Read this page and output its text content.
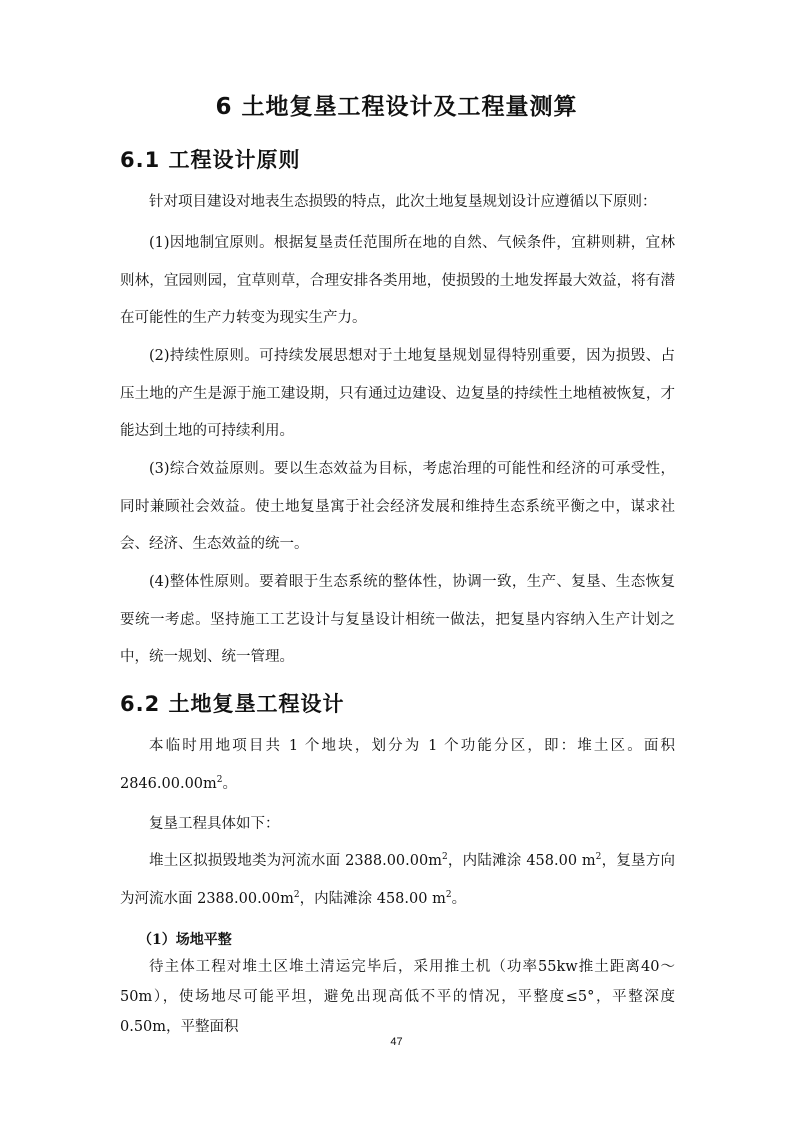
6 土地复垦工程设计及工程量测算
6.1 工程设计原则

针对项目建设对地表生态损毁的特点，此次土地复垦规划设计应遵循以下原则：

(1)因地制宜原则。根据复垦责任范围所在地的自然、气候条件，宜耕则耕，宜林则林，宜园则园，宜草则草，合理安排各类用地，使损毁的土地发挥最大效益，将有潜在可能性的生产力转变为现实生产力。

(2)持续性原则。可持续发展思想对于土地复垦规划显得特别重要，因为损毁、占压土地的产生是源于施工建设期，只有通过边建设、边复垦的持续性土地植被恢复，才能达到土地的可持续利用。

(3)综合效益原则。要以生态效益为目标，考虑治理的可能性和经济的可承受性，同时兼顾社会效益。使土地复垦寓于社会经济发展和维持生态系统平衡之中，谋求社会、经济、生态效益的统一。

(4)整体性原则。要着眼于生态系统的整体性，协调一致，生产、复垦、生态恢复要统一考虑。坚持施工工艺设计与复垦设计相统一做法，把复垦内容纳入生产计划之中，统一规划、统一管理。

6.2 土地复垦工程设计

本临时用地项目共 1 个地块，划分为 1 个功能分区，即：堆土区。面积 $2846.00.00m^2$。

复垦工程具体如下：

堆土区拟损毁地类为河流水面 $2388.00.00m^2$，内陆滩涂 458.00 $m^2$，复垦方向为河流水面 $2388.00.00m^2$，内陆滩涂 458.00 $m^2$。

（1）场地平整

待主体工程对堆土区堆土清运完毕后，采用推土机（功率55kw推土距离40～50m），使场地尽可能平坦，避免出现高低不平的情况，平整度≤5°，平整深度0.50m，平整面积

47
